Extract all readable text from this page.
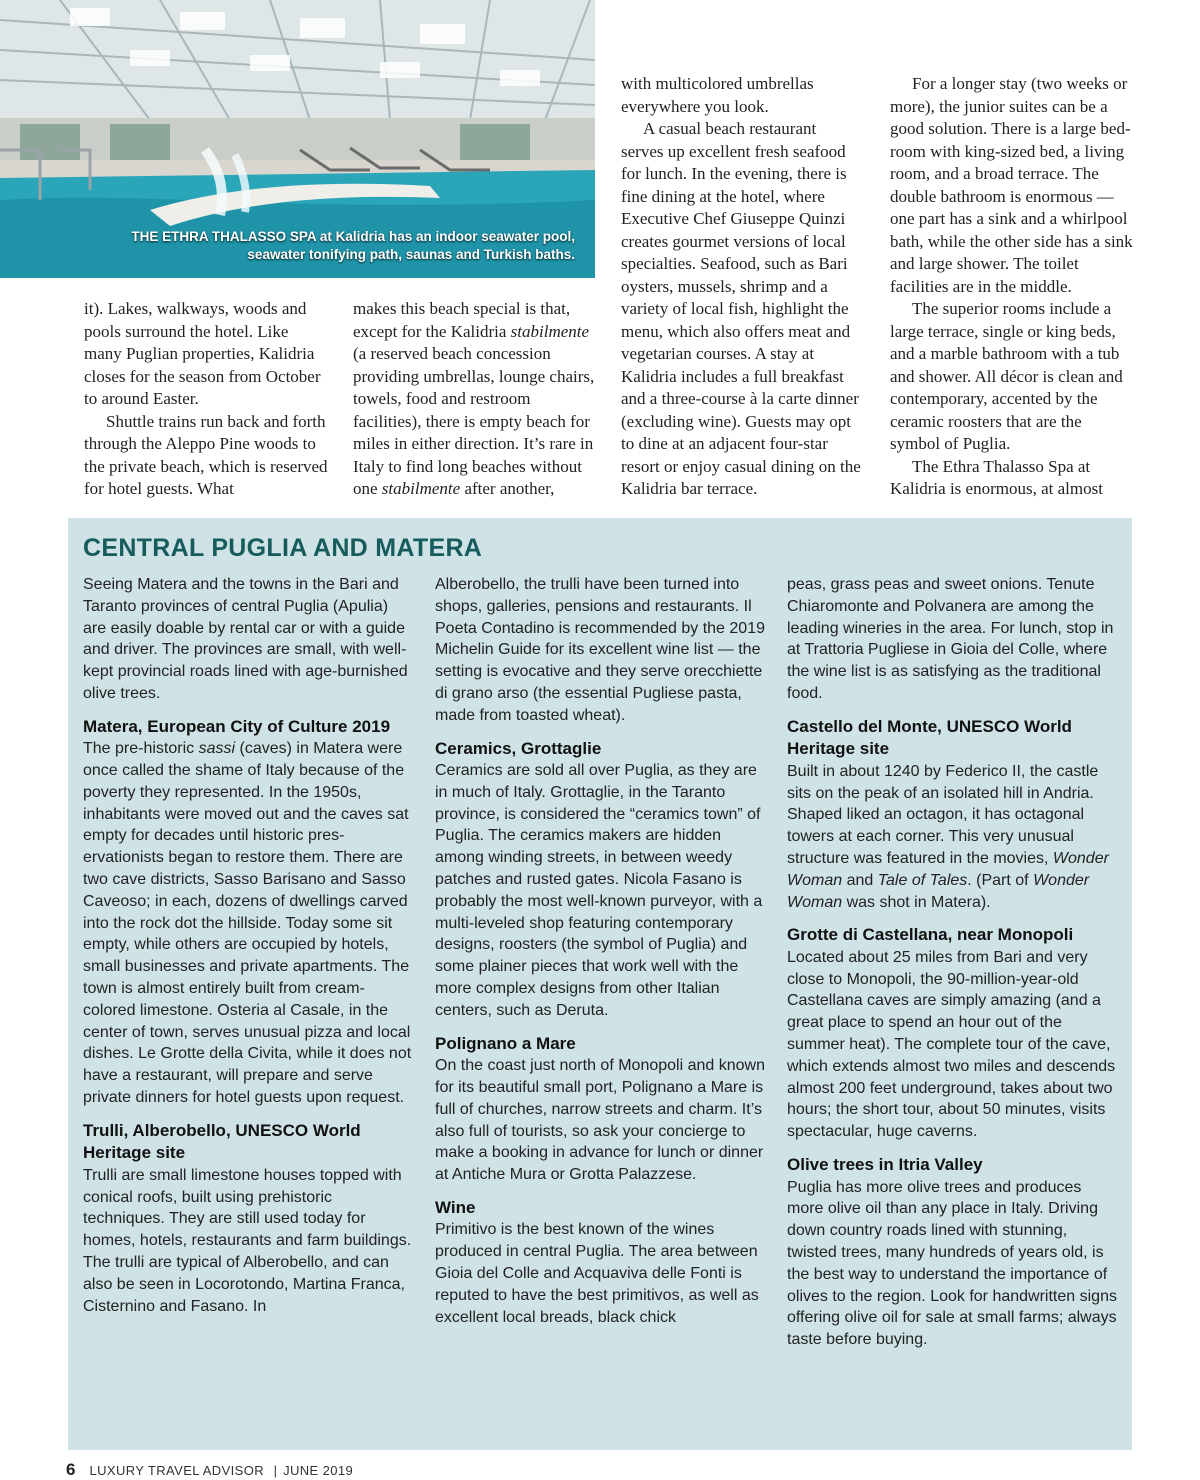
THE ETHRA THALASSO SPA at Kalidria has an indoor seawater pool,
seawater tonifying path, saunas and Turkish baths.

it). Lakes, walkways, woods and pools surround the hotel. Like many Puglian properties, Kalidria closes for the season from October to around Easter.

Shuttle trains run back and forth through the Aleppo Pine woods to the private beach, which is reserved for hotel guests. What

makes this beach special is that, except for the Kalidria stabilmente (a reserved beach concession providing umbrellas, lounge chairs, towels, food and restroom facilities), there is empty beach for miles in either direction. It’s rare in Italy to find long beaches without one stabilmente after another,

with multicolored umbrellas everywhere you look.

A casual beach restaurant serves up excellent fresh seafood for lunch. In the evening, there is fine dining at the hotel, where Executive Chef Giuseppe Quinzi creates gourmet versions of local specialties. Seafood, such as Bari oysters, mussels, shrimp and a variety of local fish, highlight the menu, which also offers meat and vegetarian courses. A stay at Kalidria includes a full breakfast and a three-course à la carte dinner (excluding wine). Guests may opt to dine at an adjacent four-star resort or enjoy casual dining on the Kalidria bar terrace.

For a longer stay (two weeks or more), the junior suites can be a good solution. There is a large bedroom with king-sized bed, a living room, and a broad terrace. The double bathroom is enormous — one part has a sink and a whirlpool bath, while the other side has a sink and large shower. The toilet facilities are in the middle.

The superior rooms include a large terrace, single or king beds, and a marble bathroom with a tub and shower. All décor is clean and contemporary, accented by the ceramic roosters that are the symbol of Puglia.

The Ethra Thalasso Spa at Kalidria is enormous, at almost

CENTRAL PUGLIA AND MATERA

Seeing Matera and the towns in the Bari and Taranto provinces of central Puglia (Apulia) are easily doable by rental car or with a guide and driver. The provinces are small, with well-kept provincial roads lined with age-burnished olive trees.

Matera, European City of Culture 2019

The pre-historic sassi (caves) in Matera were once called the shame of Italy because of the poverty they represented. In the 1950s, inhabitants were moved out and the caves sat empty for decades until historic preservationists began to restore them. There are two cave districts, Sasso Barisano and Sasso Caveoso; in each, dozens of dwellings carved into the rock dot the hillside. Today some sit empty, while others are occupied by hotels, small businesses and private apartments. The town is almost entirely built from cream-colored limestone. Osteria al Casale, in the center of town, serves unusual pizza and local dishes. Le Grotte della Civita, while it does not have a restaurant, will prepare and serve private dinners for hotel guests upon request.

Trulli, Alberobello, UNESCO World Heritage site

Trulli are small limestone houses topped with conical roofs, built using prehistoric techniques. They are still used today for homes, hotels, restaurants and farm buildings. The trulli are typical of Alberobello, and can also be seen in Locorotondo, Martina Franca, Cisternino and Fasano. In

Alberobello, the trulli have been turned into shops, galleries, pensions and restaurants. Il Poeta Contadino is recommended by the 2019 Michelin Guide for its excellent wine list — the setting is evocative and they serve orecchiette di grano arso (the essential Pugliese pasta, made from toasted wheat).

Ceramics, Grottaglie

Ceramics are sold all over Puglia, as they are in much of Italy. Grottaglie, in the Taranto province, is considered the “ceramics town” of Puglia. The ceramics makers are hidden among winding streets, in between weedy patches and rusted gates. Nicola Fasano is probably the most well-known purveyor, with a multi-leveled shop featuring contemporary designs, roosters (the symbol of Puglia) and some plainer pieces that work well with the more complex designs from other Italian centers, such as Deruta.

Polignano a Mare

On the coast just north of Monopoli and known for its beautiful small port, Polignano a Mare is full of churches, narrow streets and charm. It’s also full of tourists, so ask your concierge to make a booking in advance for lunch or dinner at Antiche Mura or Grotta Palazzese.

Wine

Primitivo is the best known of the wines produced in central Puglia. The area between Gioia del Colle and Acquaviva delle Fonti is reputed to have the best primitivos, as well as excellent local breads, black chick

peas, grass peas and sweet onions. Tenute Chiaromonte and Polvanera are among the leading wineries in the area. For lunch, stop in at Trattoria Pugliese in Gioia del Colle, where the wine list is as satisfying as the traditional food.

Castello del Monte, UNESCO World Heritage site

Built in about 1240 by Federico II, the castle sits on the peak of an isolated hill in Andria. Shaped liked an octagon, it has octagonal towers at each corner. This very unusual structure was featured in the movies, Wonder Woman and Tale of Tales. (Part of Wonder Woman was shot in Matera).

Grotte di Castellana, near Monopoli

Located about 25 miles from Bari and very close to Monopoli, the 90-million-year-old Castellana caves are simply amazing (and a great place to spend an hour out of the summer heat). The complete tour of the cave, which extends almost two miles and descends almost 200 feet underground, takes about two hours; the short tour, about 50 minutes, visits spectacular, huge caverns.

Olive trees in Itria Valley

Puglia has more olive trees and produces more olive oil than any place in Italy. Driving down country roads lined with stunning, twisted trees, many hundreds of years old, is the best way to understand the importance of olives to the region. Look for handwritten signs offering olive oil for sale at small farms; always taste before buying.

6 LUXURY TRAVEL ADVISOR | JUNE 2019
